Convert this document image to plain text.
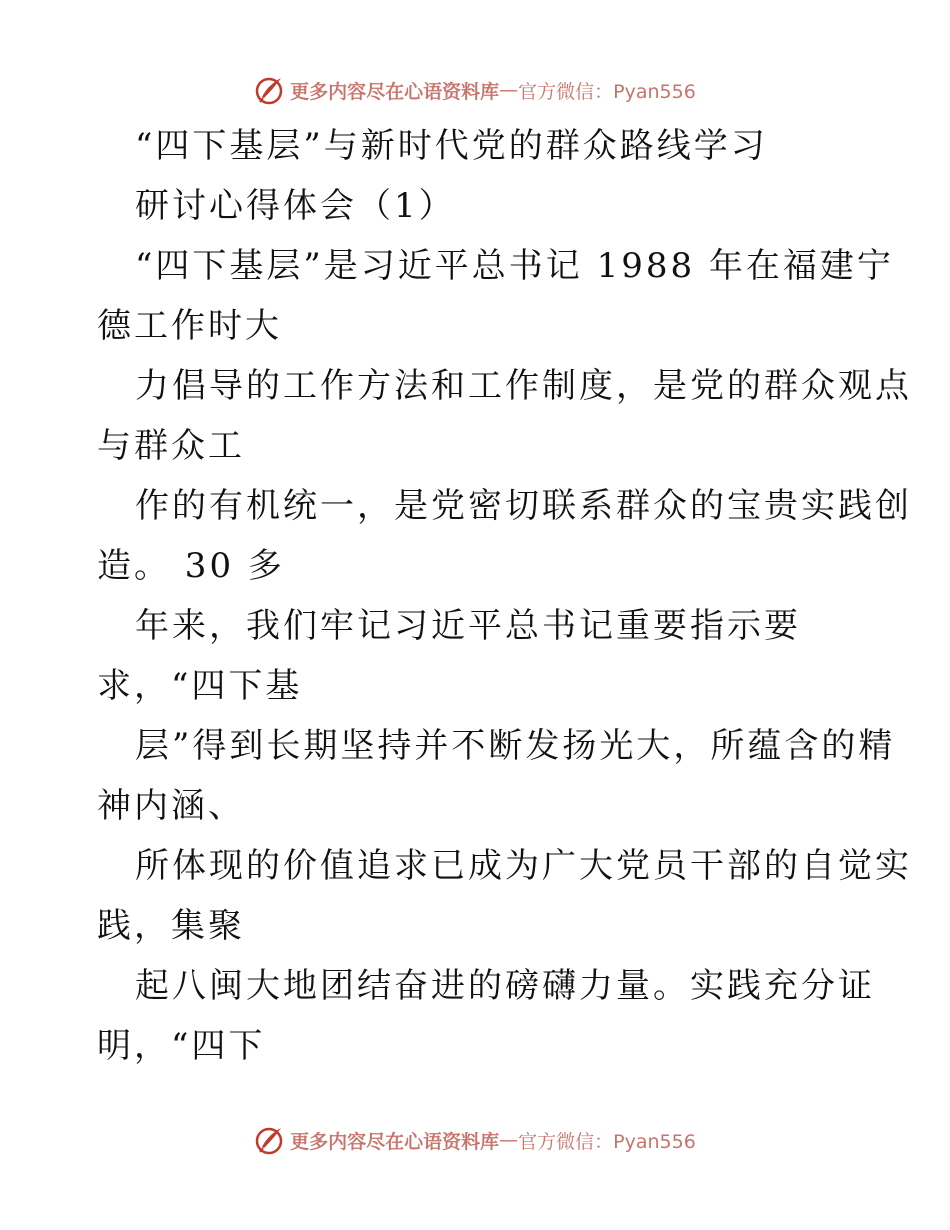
更多内容尽在心语资料库 — 官方微信：Pyan556
“四下基层”与新时代党的群众路线学习
研讨心得体会（1）
“四下基层”是习近平总书记 1988 年在福建宁
德工作时大
力倡导的工作方法和工作制度，是党的群众观点
与群众工
作的有机统一，是党密切联系群众的宝贵实践创
造。 30 多
年来，我们牢记习近平总书记重要指示要
求，“四下基
层”得到长期坚持并不断发扬光大，所蕴含的精
神内涵、
所体现的价值追求已成为广大党员干部的自觉实
践，集聚
起八闽大地团结奋进的磅礴力量。实践充分证
明，“四下
更多内容尽在心语资料库 — 官方微信：Pyan556
